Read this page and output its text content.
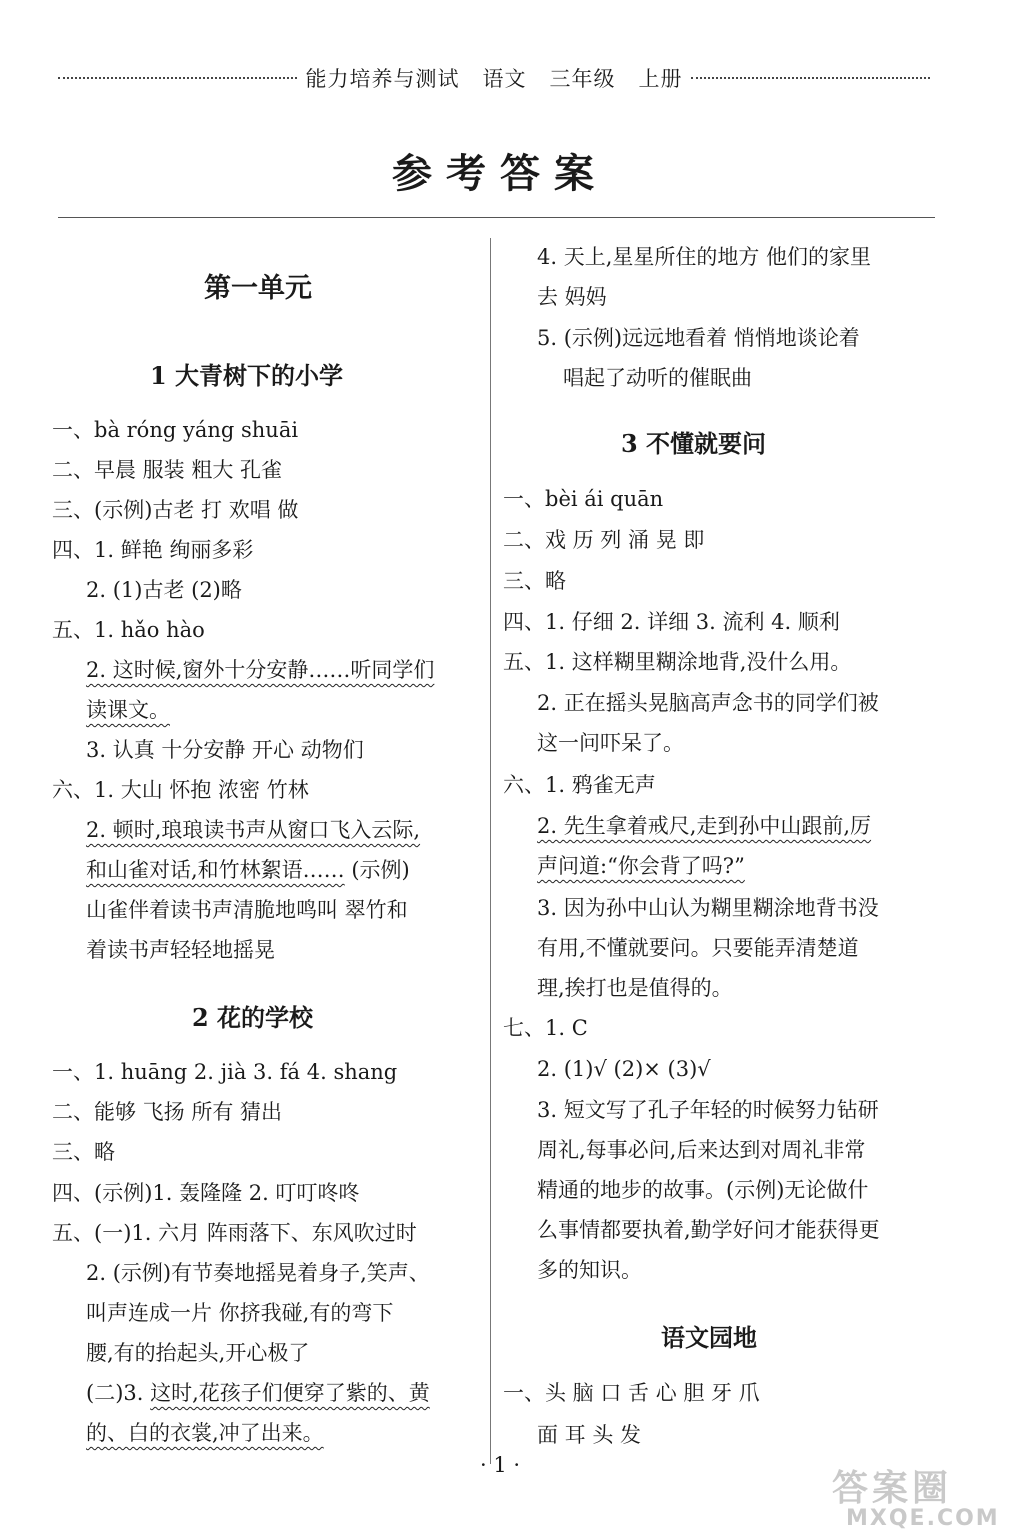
能力培养与测试   语文   三年级   上册
参考答案
第一单元
1 大青树下的小学
一、bà róng yáng shuāi
二、早晨 服装 粗大 孔雀
三、(示例)古老 打 欢唱 做
四、1. 鲜艳 绚丽多彩
2. (1)古老 (2)略
五、1. hǎo hào
2. 这时候,窗外十分安静……听同学们
读课文。
3. 认真 十分安静 开心 动物们
六、1. 大山 怀抱 浓密 竹林
2. 顿时,琅琅读书声从窗口飞入云际,
和山雀对话,和竹林絮语…… (示例)
山雀伴着读书声清脆地鸣叫 翠竹和
着读书声轻轻地摇晃
2 花的学校
一、1. huāng 2. jià 3. fá 4. shang
二、能够 飞扬 所有 猜出
三、略
四、(示例)1. 轰隆隆 2. 叮叮咚咚
五、(一)1. 六月 阵雨落下、东风吹过时
2. (示例)有节奏地摇晃着身子,笑声、
叫声连成一片 你挤我碰,有的弯下
腰,有的抬起头,开心极了
(二)3. 这时,花孩子们便穿了紫的、黄
的、白的衣裳,冲了出来。
4. 天上,星星所住的地方 他们的家里
去 妈妈
5. (示例)远远地看着 悄悄地谈论着
唱起了动听的催眠曲
3 不懂就要问
一、bèi ái quān
二、戏 历 列 涌 晃 即
三、略
四、1. 仔细 2. 详细 3. 流利 4. 顺利
五、1. 这样糊里糊涂地背,没什么用。
2. 正在摇头晃脑高声念书的同学们被
这一问吓呆了。
六、1. 鸦雀无声
2. 先生拿着戒尺,走到孙中山跟前,厉
声问道:“你会背了吗?”
3. 因为孙中山认为糊里糊涂地背书没
有用,不懂就要问。只要能弄清楚道
理,挨打也是值得的。
七、1. C
2. (1)√ (2)× (3)√
3. 短文写了孔子年轻的时候努力钻研
周礼,每事必问,后来达到对周礼非常
精通的地步的故事。(示例)无论做什
么事情都要执着,勤学好问才能获得更
多的知识。
语文园地
一、头 脑 口 舌 心 胆 牙 爪
面 耳 头 发
· 1 ·
答案圈
MXQE.COM
